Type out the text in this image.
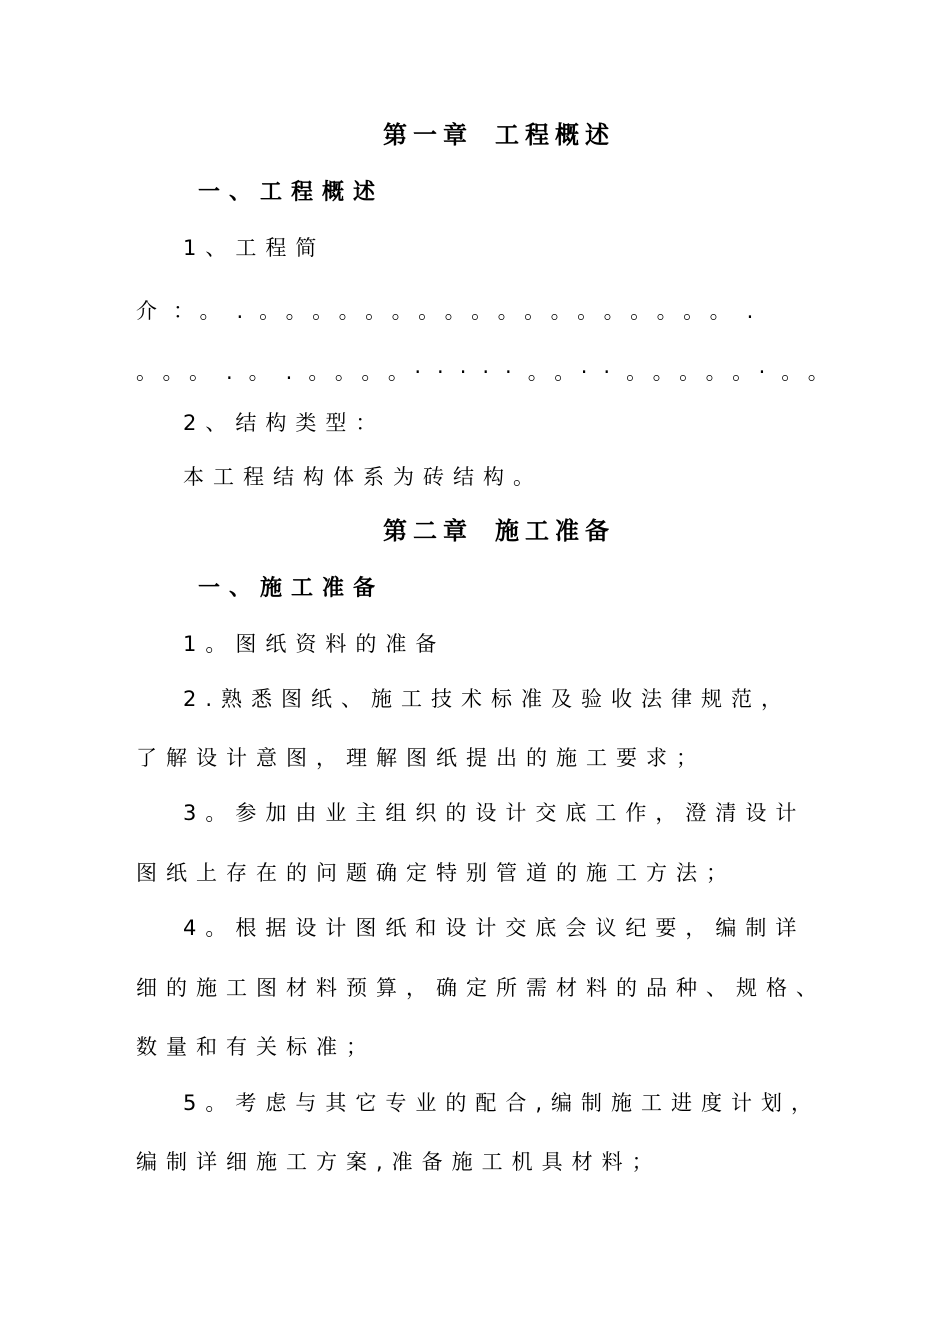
第一章 工程概述
一、工程概述
1、工程简
介：。.。。。。。。。。。。。。。。。。。。.
。。。.。.。。。。·····。。··。。。。。·。。
2、结构类型：
本工程结构体系为砖结构。
第二章 施工准备
一、施工准备
1。图纸资料的准备
2.熟悉图纸、施工技术标准及验收法律规范，
了解设计意图，理解图纸提出的施工要求；
3。参加由业主组织的设计交底工作，澄清设计
图纸上存在的问题确定特别管道的施工方法；
4。根据设计图纸和设计交底会议纪要，编制详
细的施工图材料预算，确定所需材料的品种、规格、
数量和有关标准；
5。考虑与其它专业的配合,编制施工进度计划，
编制详细施工方案,准备施工机具材料；
